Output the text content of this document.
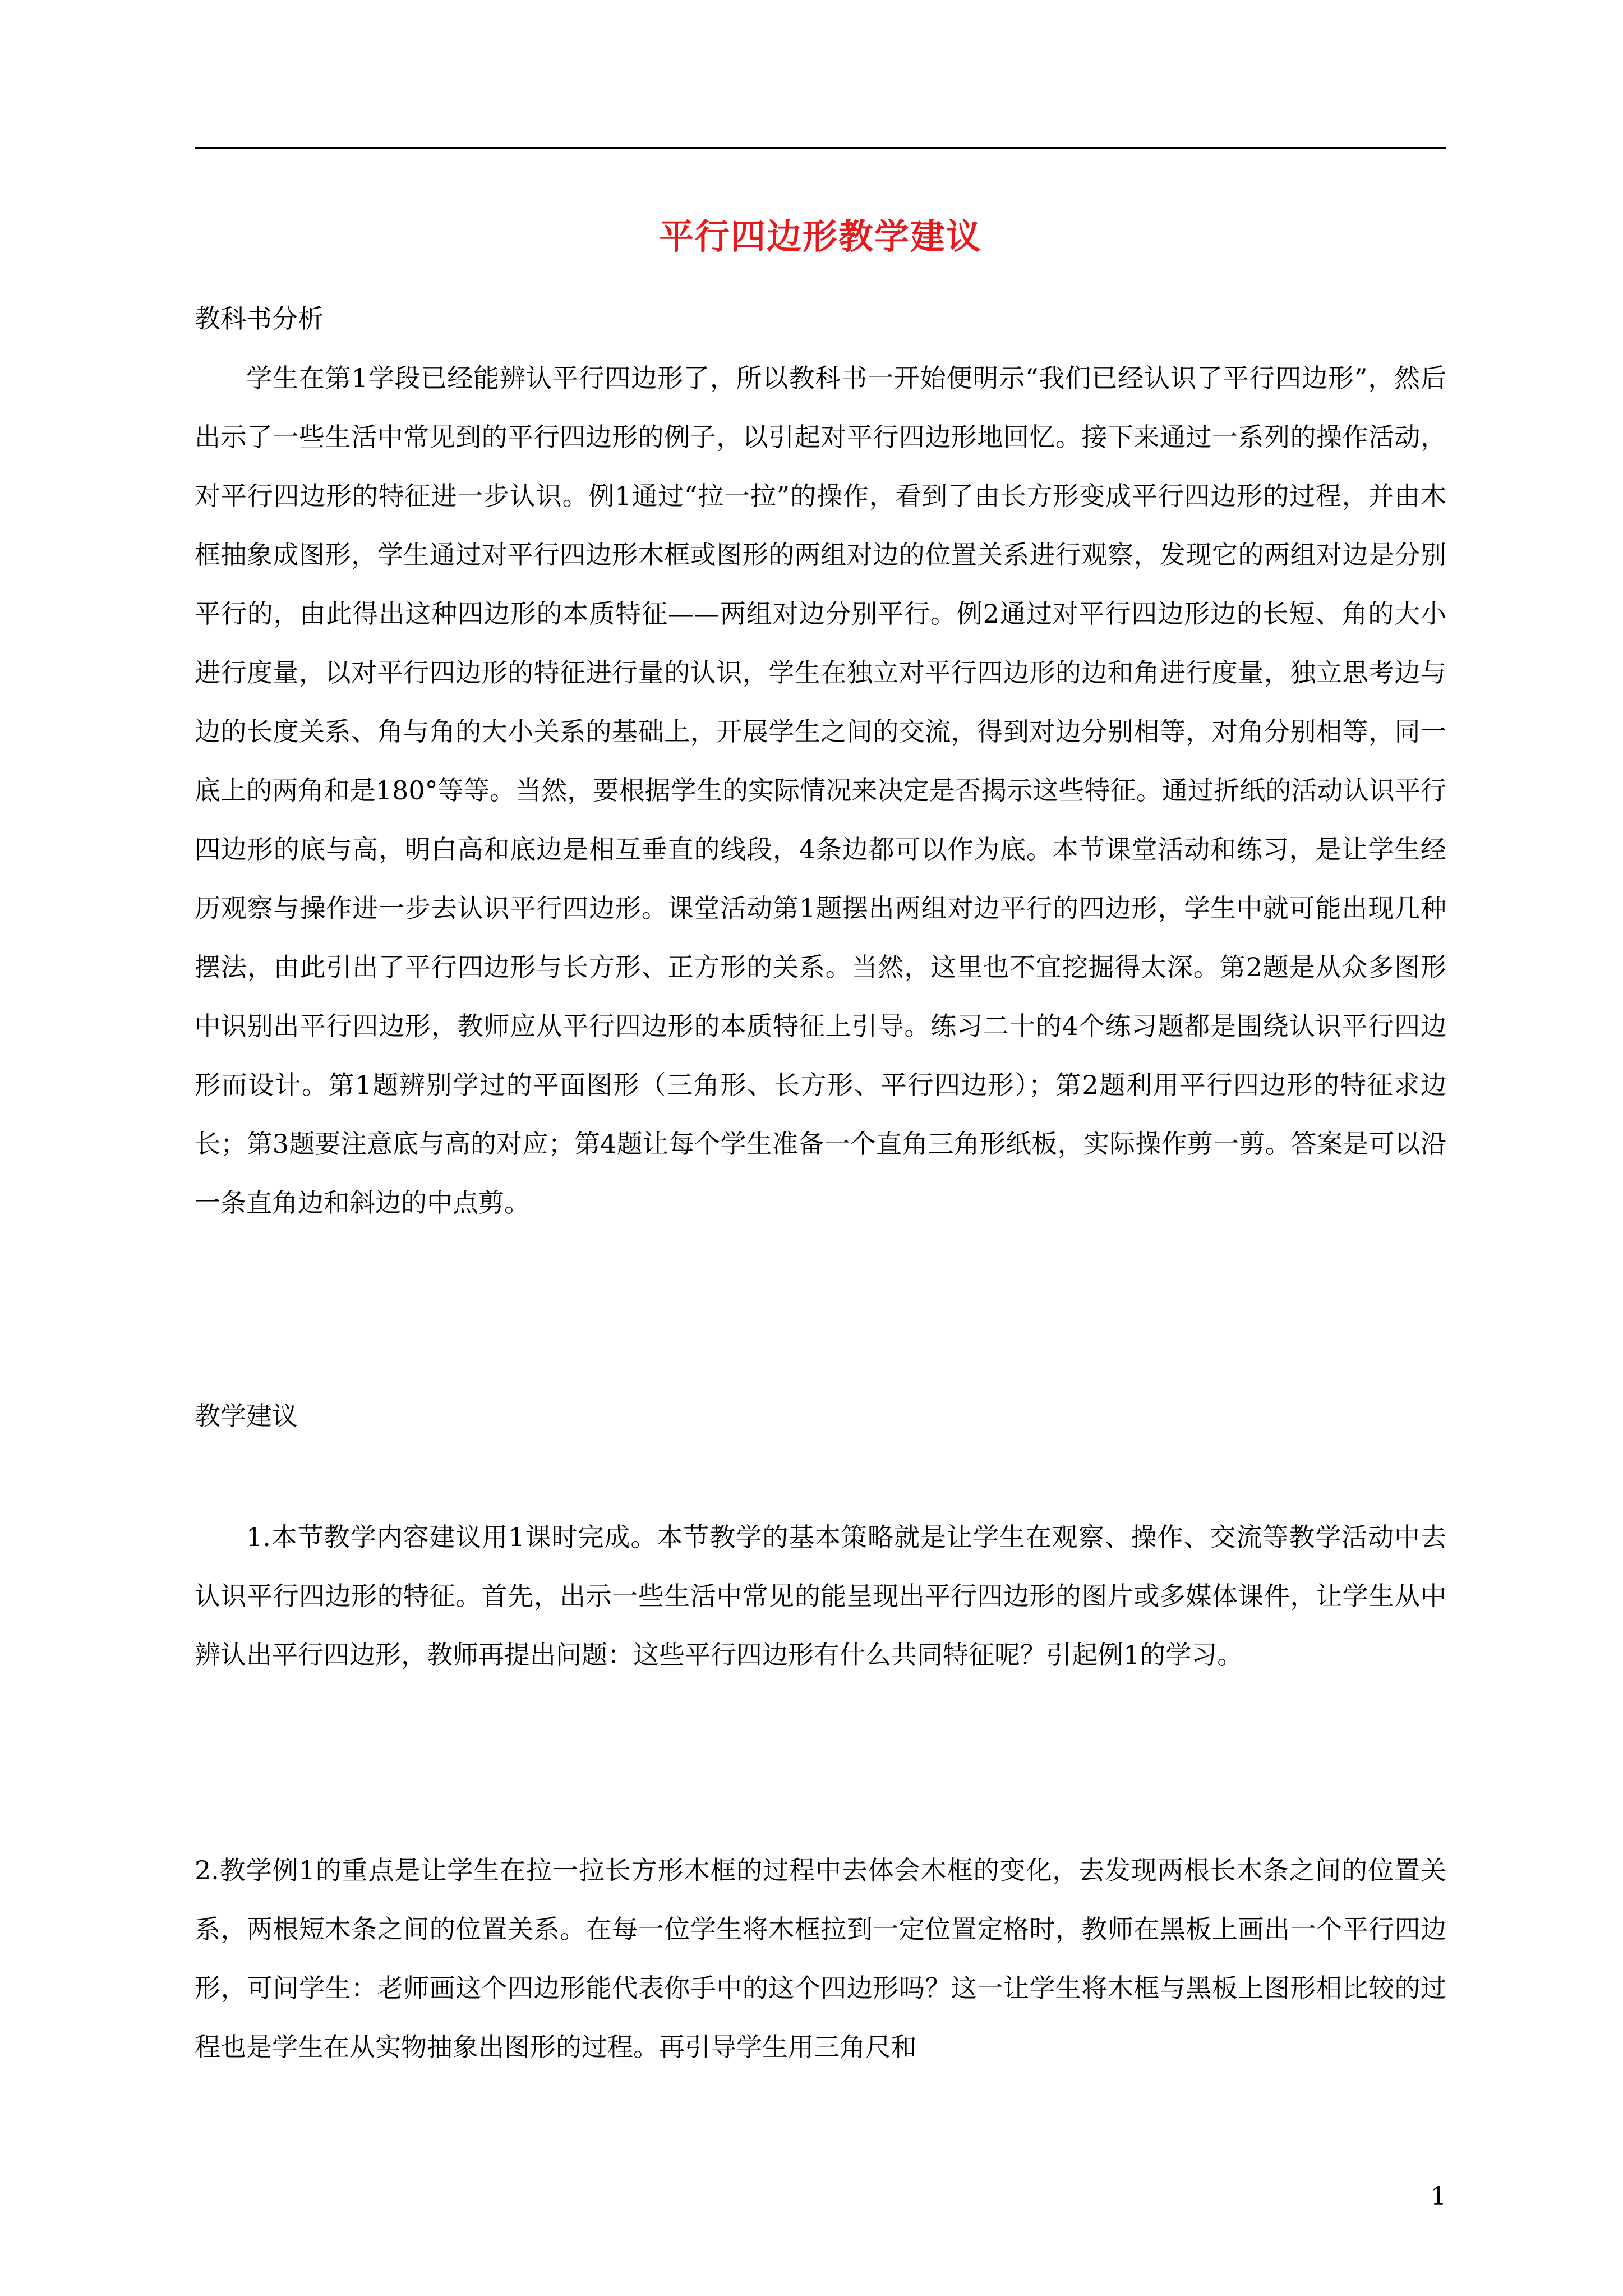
平行四边形教学建议
教科书分析
学生在第1学段已经能辨认平行四边形了，所以教科书一开始便明示“我们已经认识了平行四边形”，然后出示了一些生活中常见到的平行四边形的例子，以引起对平行四边形地回忆。接下来通过一系列的操作活动，对平行四边形的特征进一步认识。例1通过“拉一拉”的操作，看到了由长方形变成平行四边形的过程，并由木框抽象成图形，学生通过对平行四边形木框或图形的两组对边的位置关系进行观察，发现它的两组对边是分别平行的，由此得出这种四边形的本质特征——两组对边分别平行。例2通过对平行四边形边的长短、角的大小进行度量，以对平行四边形的特征进行量的认识，学生在独立对平行四边形的边和角进行度量，独立思考边与边的长度关系、角与角的大小关系的基础上，开展学生之间的交流，得到对边分别相等，对角分别相等，同一底上的两角和是180°等等。当然，要根据学生的实际情况来决定是否揭示这些特征。通过折纸的活动认识平行四边形的底与高，明白高和底边是相互垂直的线段，4条边都可以作为底。本节课堂活动和练习，是让学生经历观察与操作进一步去认识平行四边形。课堂活动第1题摆出两组对边平行的四边形，学生中就可能出现几种摆法，由此引出了平行四边形与长方形、正方形的关系。当然，这里也不宜挖掘得太深。第2题是从众多图形中识别出平行四边形，教师应从平行四边形的本质特征上引导。练习二十的4个练习题都是围绕认识平行四边形而设计。第1题辨别学过的平面图形（三角形、长方形、平行四边形）；第2题利用平行四边形的特征求边长；第3题要注意底与高的对应；第4题让每个学生准备一个直角三角形纸板，实际操作剪一剪。答案是可以沿一条直角边和斜边的中点剪。
教学建议
1.本节教学内容建议用1课时完成。本节教学的基本策略就是让学生在观察、操作、交流等教学活动中去认识平行四边形的特征。首先，出示一些生活中常见的能呈现出平行四边形的图片或多媒体课件，让学生从中辨认出平行四边形，教师再提出问题：这些平行四边形有什么共同特征呢？引起例1的学习。
2.教学例1的重点是让学生在拉一拉长方形木框的过程中去体会木框的变化，去发现两根长木条之间的位置关系，两根短木条之间的位置关系。在每一位学生将木框拉到一定位置定格时，教师在黑板上画出一个平行四边形，可问学生：老师画这个四边形能代表你手中的这个四边形吗？这一让学生将木框与黑板上图形相比较的过程也是学生在从实物抽象出图形的过程。再引导学生用三角尺和
1
